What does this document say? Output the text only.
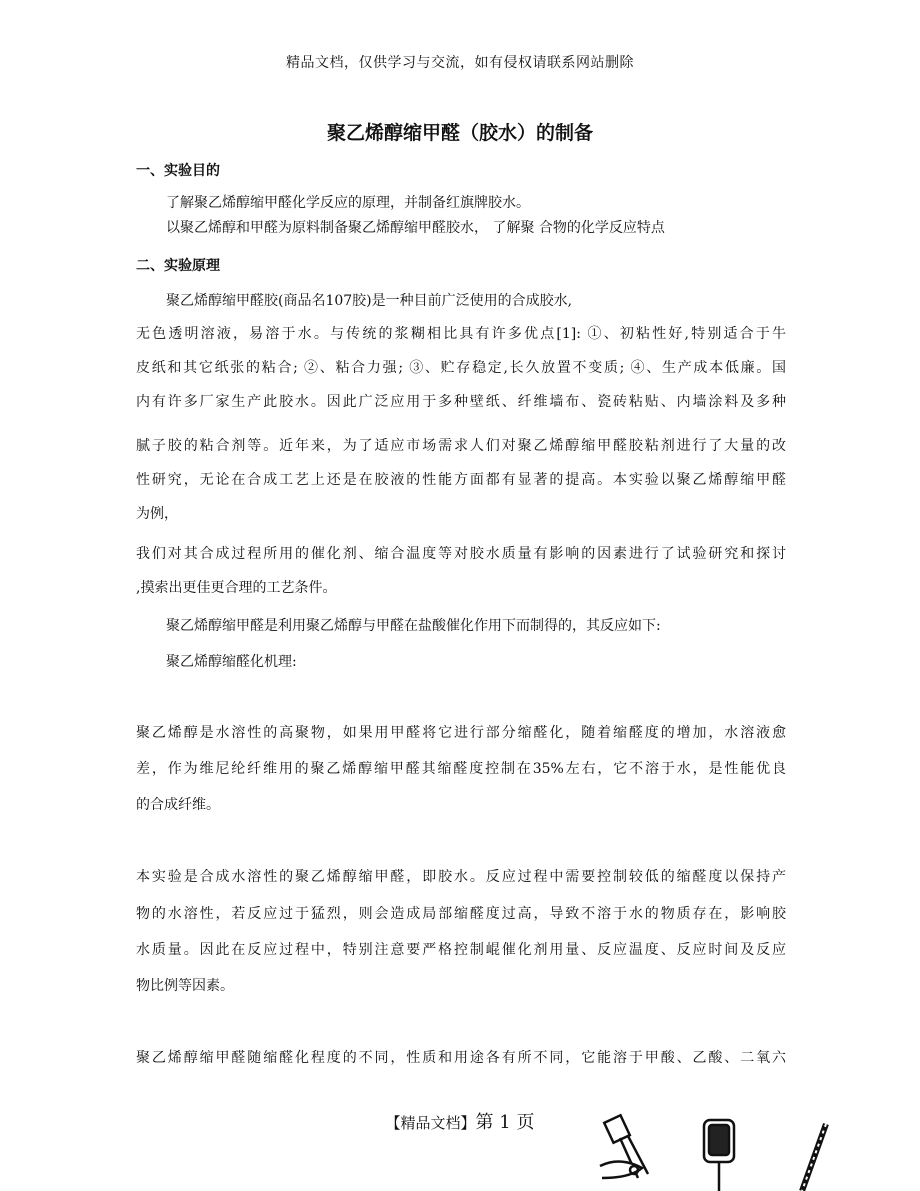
精品文档，仅供学习与交流，如有侵权请联系网站删除
聚乙烯醇缩甲醛（胶水）的制备
一、实验目的
了解聚乙烯醇缩甲醛化学反应的原理，并制备红旗牌胶水。
以聚乙烯醇和甲醛为原料制备聚乙烯醇缩甲醛胶水， 了解聚 合物的化学反应特点
二、实验原理
聚乙烯醇缩甲醛胶(商品名107胶)是一种目前广泛使用的合成胶水,
无色透明溶液，易溶于水。与传统的浆糊相比具有许多优点[1]: ①、初粘性好,特别适合于牛
皮纸和其它纸张的粘合; ②、粘合力强; ③、贮存稳定,长久放置不变质; ④、生产成本低廉。国
内有许多厂家生产此胶水。因此广泛应用于多种壁纸、纤维墙布、瓷砖粘贴、内墙涂料及多种
腻子胶的粘合剂等。近年来，为了适应市场需求人们对聚乙烯醇缩甲醛胶粘剂进行了大量的改
性研究，无论在合成工艺上还是在胶液的性能方面都有显著的提高。本实验以聚乙烯醇缩甲醛
为例，
我们对其合成过程所用的催化剂、缩合温度等对胶水质量有影响的因素进行了试验研究和探讨
,摸索出更佳更合理的工艺条件。
聚乙烯醇缩甲醛是利用聚乙烯醇与甲醛在盐酸催化作用下而制得的，其反应如下:
聚乙烯醇缩醛化机理:
聚乙烯醇是水溶性的高聚物，如果用甲醛将它进行部分缩醛化，随着缩醛度的增加，水溶液愈
差，作为维尼纶纤维用的聚乙烯醇缩甲醛其缩醛度控制在35%左右，它不溶于水，是性能优良
的合成纤维。
本实验是合成水溶性的聚乙烯醇缩甲醛，即胶水。反应过程中需要控制较低的缩醛度以保持产
物的水溶性，若反应过于猛烈，则会造成局部缩醛度过高，导致不溶于水的物质存在，影响胶
水质量。因此在反应过程中，特别注意要严格控制崐催化剂用量、反应温度、反应时间及反应
物比例等因素。
聚乙烯醇缩甲醛随缩醛化程度的不同，性质和用途各有所不同，它能溶于甲酸、乙酸、二氧六
【精品文档】第 1 页
